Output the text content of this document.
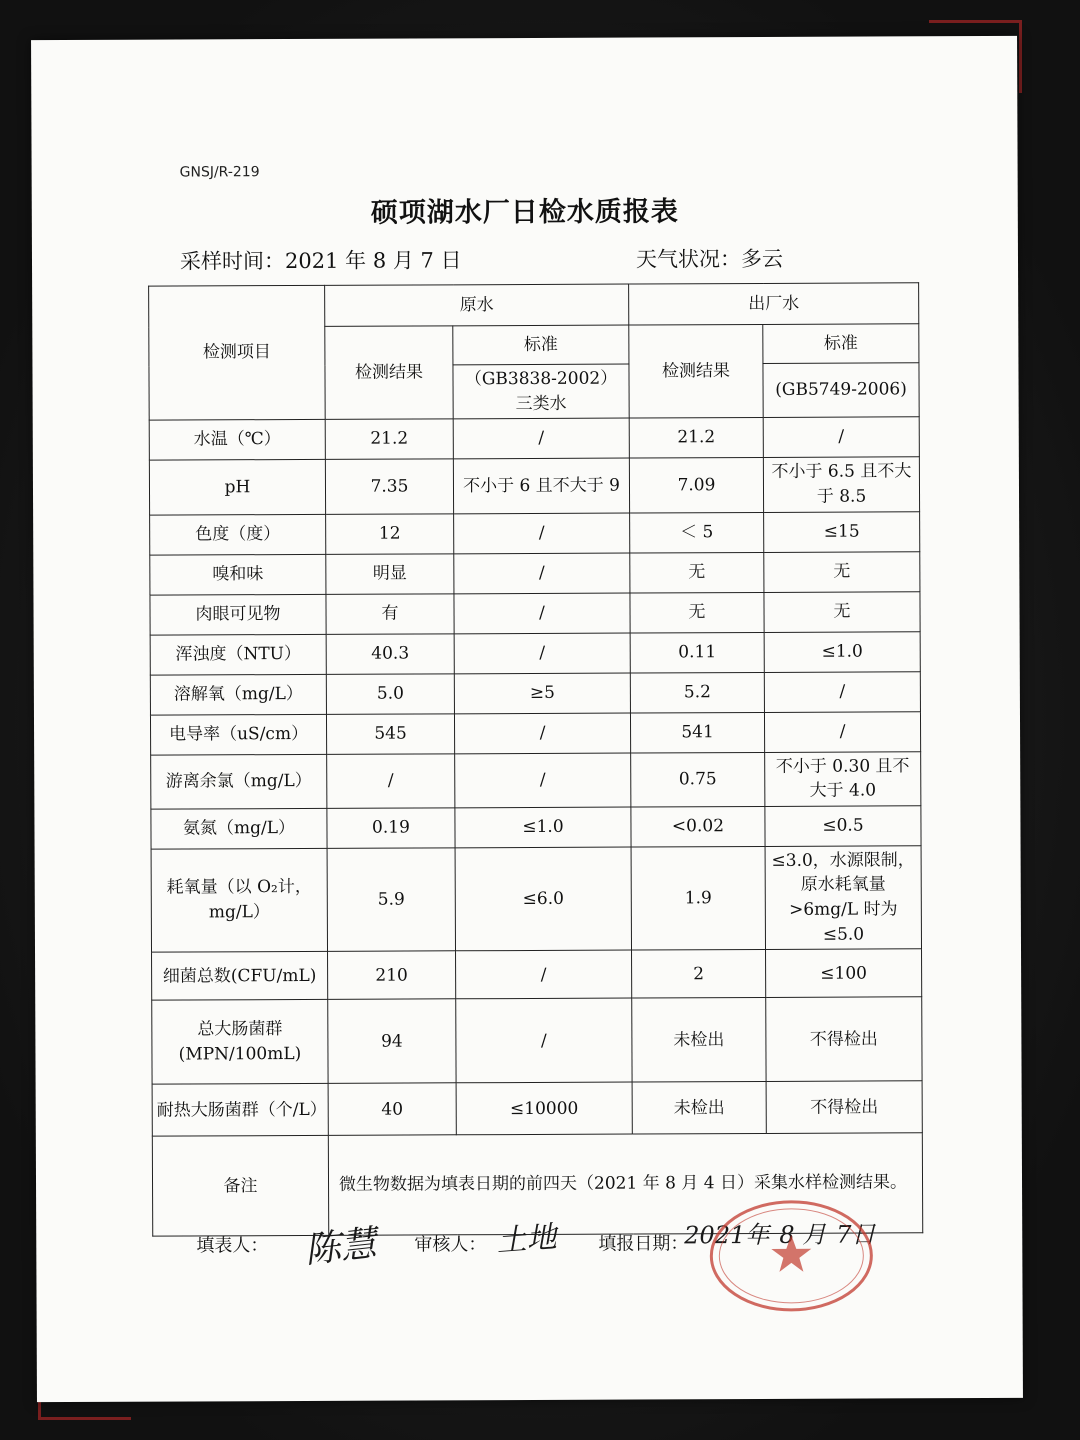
GNSJ/R-219
硕项湖水厂日检水质报表
采样时间：2021 年 8 月 7 日	天气状况：多云
检测项目	原水		出厂水	
	检测结果	标准	检测结果	标准
		（GB3838-2002）三类水		(GB5749-2006)
水温（℃）	21.2	/	21.2	/
pH	7.35	不小于 6 且不大于 9	7.09	不小于 6.5 且不大于 8.5
色度（度）	12	/	＜ 5	≤15
嗅和味	明显	/	无	无
肉眼可见物	有	/	无	无
浑浊度（NTU）	40.3	/	0.11	≤1.0
溶解氧（mg/L）	5.0	≥5	5.2	/
电导率（uS/cm）	545	/	541	/
游离余氯（mg/L）	/	/	0.75	不小于 0.30 且不大于 4.0
氨氮（mg/L）	0.19	≤1.0	<0.02	≤0.5
耗氧量（以 O₂计，mg/L）	5.9	≤6.0	1.9	≤3.0，水源限制，原水耗氧量>6mg/L 时为≤5.0
细菌总数(CFU/mL)	210	/	2	≤100
总大肠菌群(MPN/100mL)	94	/	未检出	不得检出
耐热大肠菌群（个/L）	40	≤10000	未检出	不得检出
备注	微生物数据为填表日期的前四天（2021 年 8 月 4 日）采集水样检测结果。			
填表人： 陈慧 审核人： 土地 填报日期：
2021年 8 月 7日
